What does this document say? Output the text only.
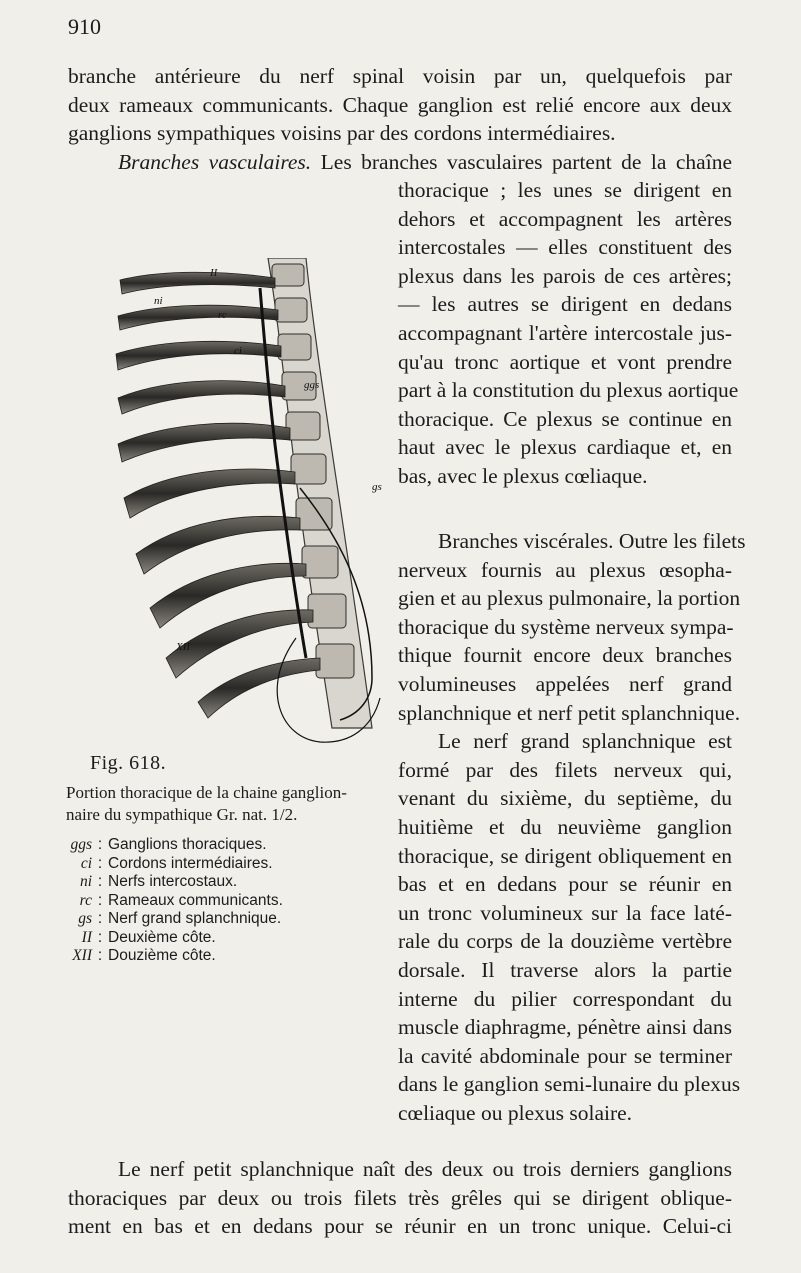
910
branche antérieure du nerf spinal voisin par un, quelquefois par
deux rameaux communicants. Chaque ganglion est relié encore aux deux
ganglions sympathiques voisins par des cordons intermédiaires.
Branches vasculaires. Les branches vasculaires partent de la chaîne
thoracique ; les unes se dirigent en
dehors et accompagnent les artères
intercostales — elles constituent des
plexus dans les parois de ces artères;
— les autres se dirigent en dedans
accompagnant l'artère intercostale jus-
qu'au tronc aortique et vont prendre
part à la constitution du plexus aortique
thoracique. Ce plexus se continue en
haut avec le plexus cardiaque et, en
bas, avec le plexus cœliaque.
Branches viscérales. Outre les filets
nerveux fournis au plexus œsopha-
gien et au plexus pulmonaire, la portion
thoracique du système nerveux sympa-
thique fournit encore deux branches
volumineuses appelées nerf grand
splanchnique et nerf petit splanchnique.
Le nerf grand splanchnique est
formé par des filets nerveux qui,
venant du sixième, du septième, du
huitième et du neuvième ganglion
thoracique, se dirigent obliquement en
bas et en dedans pour se réunir en
un tronc volumineux sur la face laté-
rale du corps de la douzième vertèbre
dorsale. Il traverse alors la partie
interne du pilier correspondant du
muscle diaphragme, pénètre ainsi dans
la cavité abdominale pour se terminer
dans le ganglion semi-lunaire du plexus
cœliaque ou plexus solaire.
Le nerf petit splanchnique naît des deux ou trois derniers ganglions
thoraciques par deux ou trois filets très grêles qui se dirigent oblique-
ment en bas et en dedans pour se réunir en un tronc unique. Celui-ci
II
ni
rc
ci
ggs
gs
XII
Fig. 618.
Portion thoracique de la chaine ganglion-
naire du sympathique Gr. nat. 1/2.
ggs : Ganglions thoraciques.
ci : Cordons intermédiaires.
ni : Nerfs intercostaux.
rc : Rameaux communicants.
gs : Nerf grand splanchnique.
II : Deuxième côte.
XII : Douzième côte.
